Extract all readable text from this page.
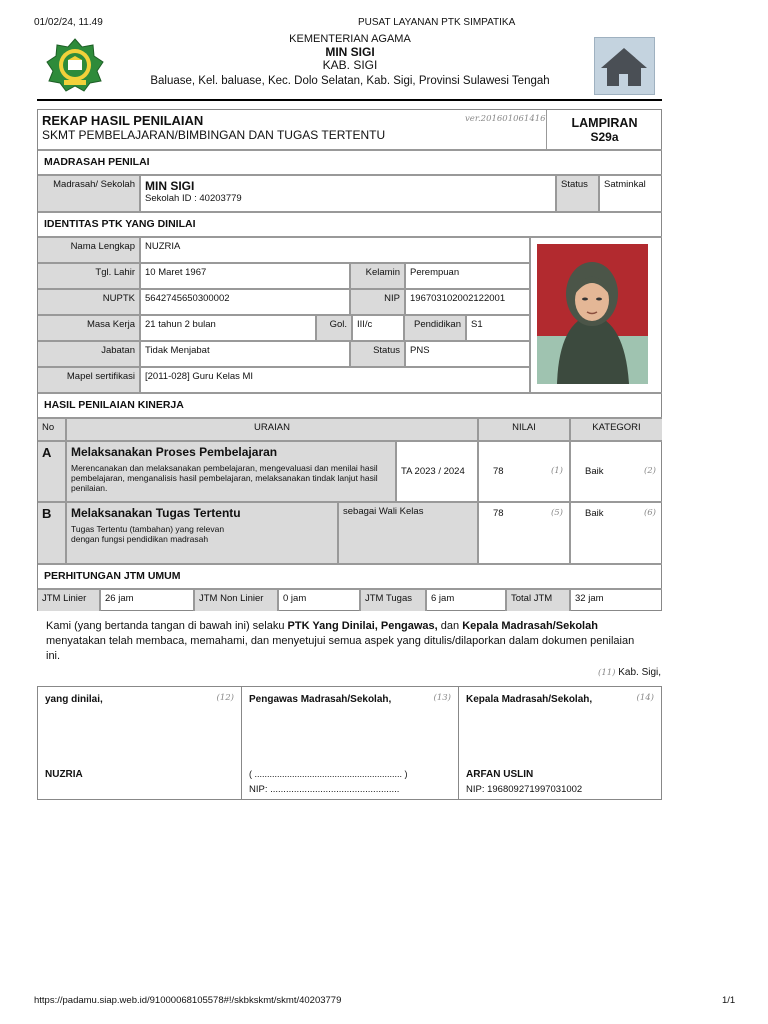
01/02/24, 11.49	PUSAT LAYANAN PTK SIMPATIKA
KEMENTERIAN AGAMA
MIN SIGI
KAB. SIGI
Baluase, Kel. baluase, Kec. Dolo Selatan, Kab. Sigi, Provinsi Sulawesi Tengah
REKAP HASIL PENILAIAN
SKMT PEMBELAJARAN/BIMBINGAN DAN TUGAS TERTENTU
ver.201601061416	LAMPIRAN
S29a
MADRASAH PENILAI
Madrasah/ Sekolah MIN SIGI
Sekolah ID : 40203779
Status	Satminkal
IDENTITAS PTK YANG DINILAI
Nama Lengkap	NUZRIA
Tgl. Lahir	10 Maret 1967	Kelamin	Perempuan
NUPTK	5642745650300002	NIP	196703102002122001
Masa Kerja	21 tahun 2 bulan	Gol.	III/c	Pendidikan	S1
Jabatan	Tidak Menjabat	Status	PNS
Mapel sertifikasi	[2011-028] Guru Kelas MI
HASIL PENILAIAN KINERJA
No	URAIAN	NILAI	KATEGORI
A	Melaksanakan Proses Pembelajaran
Merencanakan dan melaksanakan pembelajaran, mengevaluasi dan menilai hasil pembelajaran, menganalisis hasil pembelajaran, melaksanakan tindak lanjut hasil penilaian.
TA 2023 / 2024	78	(1)	Baik	(2)
B	Melaksanakan Tugas Tertentu
Tugas Tertentu (tambahan) yang relevan dengan fungsi pendidikan madrasah
sebagai Wali Kelas	78	(5)	Baik	(6)
PERHITUNGAN JTM UMUM
JTM Linier	26 jam	JTM Non Linier	0 jam	JTM Tugas	6 jam	Total JTM	32 jam
Kami (yang bertanda tangan di bawah ini) selaku PTK Yang Dinilai, Pengawas, dan Kepala Madrasah/Sekolah menyatakan telah membaca, memahami, dan menyetujui semua aspek yang ditulis/dilaporkan dalam dokumen penilaian ini.
(11) Kab. Sigi,
yang dinilai,	(12)
NUZRIA
Pengawas Madrasah/Sekolah,	(13)
( ........................................................... )
NIP: .................................................
Kepala Madrasah/Sekolah,	(14)
ARFAN USLIN
NIP: 196809271997031002
https://padamu.siap.web.id/91000068105578#!/skbkskmt/skmt/40203779	1/1
